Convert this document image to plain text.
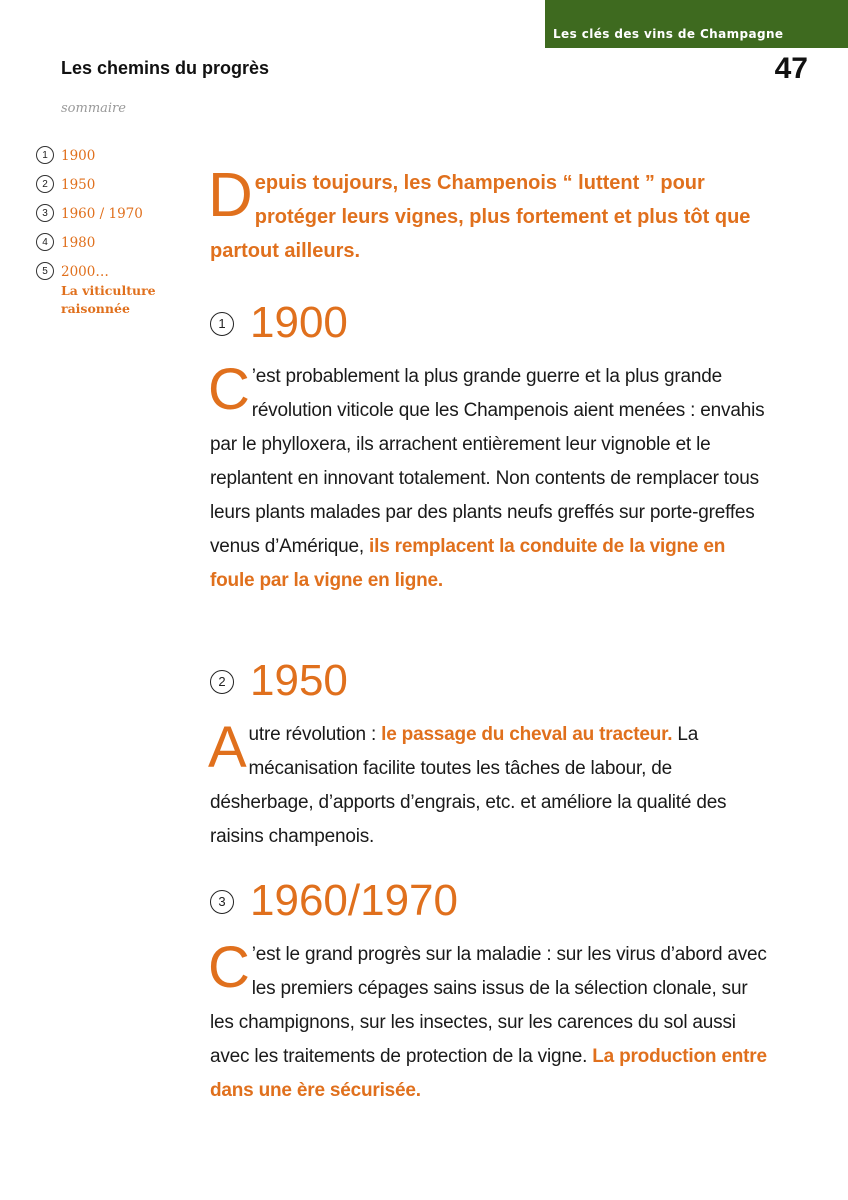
Les clés des vins de Champagne
Les chemins du progrès	47
sommaire
1 1900
2 1950
3 1960 / 1970
4 1980
5 2000…
La viticulture
raisonnée
Depuis toujours, les Champenois “ luttent ” pour protéger leurs vignes, plus fortement et plus tôt que partout ailleurs.
1 1900
C ’est probablement la plus grande guerre et la plus grande révolution viticole que les Champenois aient menées : envahis par le phylloxera, ils arrachent entièrement leur vignoble et le replantent en innovant totalement. Non contents de remplacer tous leurs plants malades par des plants neufs greffés sur porte-greffes venus d’Amérique, ils remplacent la conduite de la vigne en foule par la vigne en ligne.
2 1950
Autre révolution : le passage du cheval au tracteur. La mécanisation facilite toutes les tâches de labour, de désherbage, d’apports d’engrais, etc. et améliore la qualité des raisins champenois.
3 1960/1970
C ’est le grand progrès sur la maladie : sur les virus d’abord avec les premiers cépages sains issus de la sélection clonale, sur les champignons, sur les insectes, sur les carences du sol aussi avec les traitements de protection de la vigne. La production entre dans une ère sécurisée.
